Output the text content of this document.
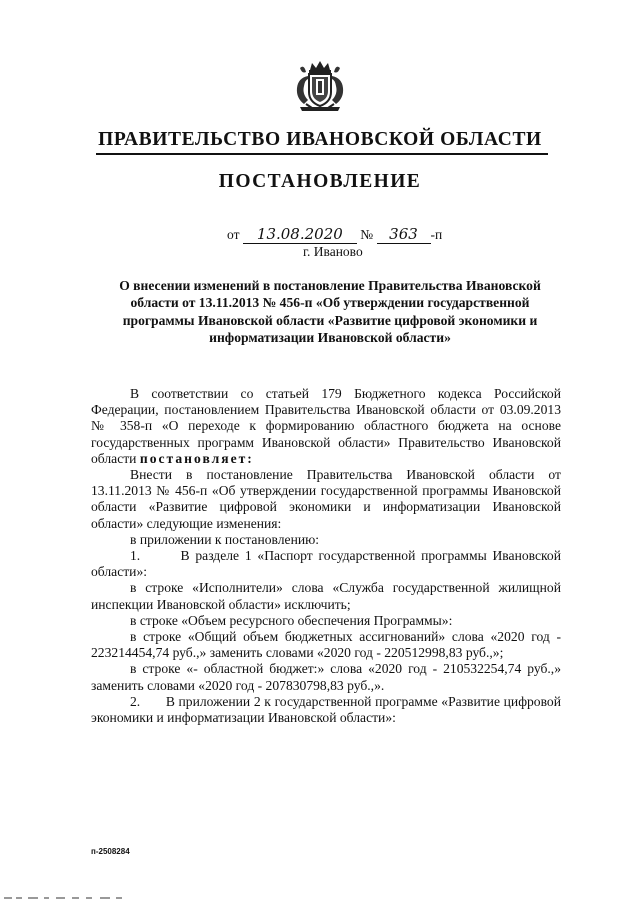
ПРАВИТЕЛЬСТВО ИВАНОВСКОЙ ОБЛАСТИ
ПОСТАНОВЛЕНИЕ
от 13.08.2020 № 363 -п
г. Иваново
О внесении изменений в постановление Правительства Ивановской области от 13.11.2013 № 456-п «Об утверждении государственной программы Ивановской области «Развитие цифровой экономики и информатизации Ивановской области»

В соответствии со статьей 179 Бюджетного кодекса Российской Федерации, постановлением Правительства Ивановской области от 03.09.2013 № 358-п «О переходе к формированию областного бюджета на основе государственных программ Ивановской области» Правительство Ивановской области постановляет:

Внести в постановление Правительства Ивановской области от 13.11.2013 № 456-п «Об утверждении государственной программы Ивановской области «Развитие цифровой экономики и информатизации Ивановской области» следующие изменения:

в приложении к постановлению:

1.	В разделе 1 «Паспорт государственной программы Ивановской области»:

в строке «Исполнители» слова «Служба государственной жилищной инспекции Ивановской области» исключить;

в строке «Объем ресурсного обеспечения Программы»:

в строке «Общий объем бюджетных ассигнований» слова «2020 год - 223214454,74 руб.,» заменить словами «2020 год - 220512998,83 руб.,»;

в строке «- областной бюджет:» слова «2020 год - 210532254,74 руб.,» заменить словами «2020 год - 207830798,83 руб.,».

2. В приложении 2 к государственной программе «Развитие цифровой экономики и информатизации Ивановской области»:

п-2508284
